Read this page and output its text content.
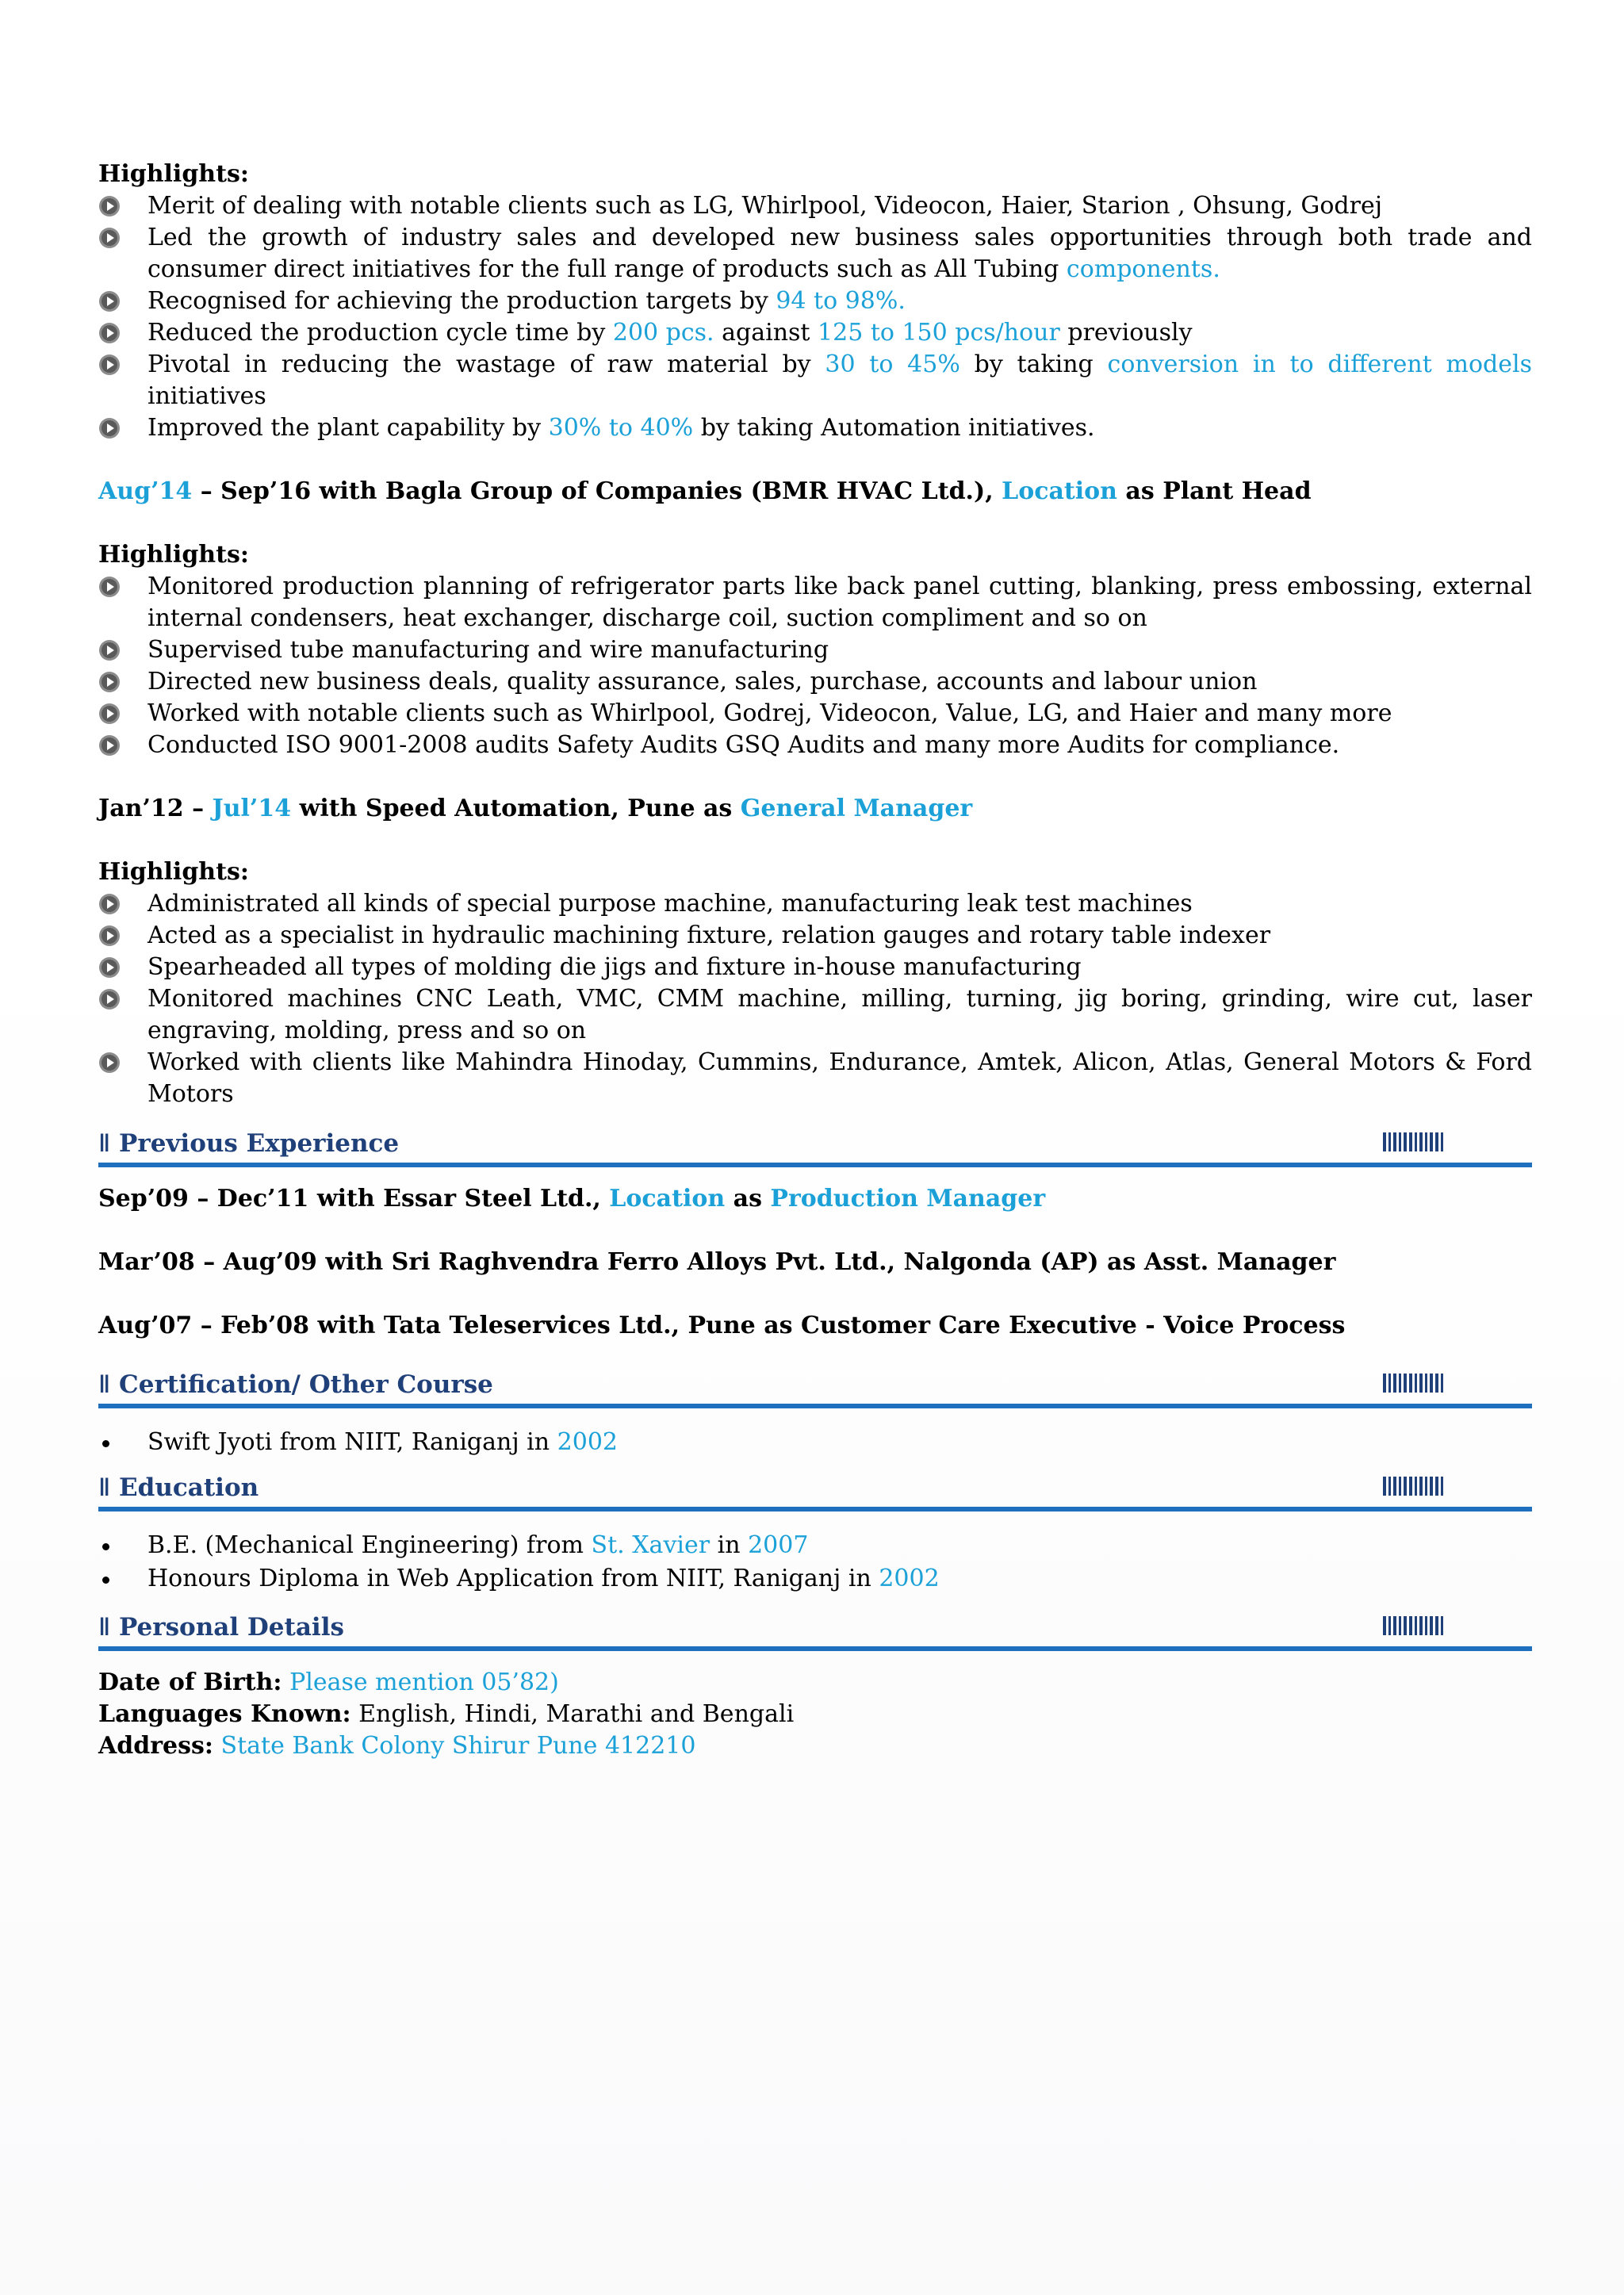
Highlights:

Merit of dealing with notable clients such as LG, Whirlpool, Videocon, Haier, Starion , Ohsung, Godrej
Led the growth of industry sales and developed new business sales opportunities through both trade and consumer direct initiatives for the full range of products such as All Tubing components.
Recognised for achieving the production targets by 94 to 98%.
Reduced the production cycle time by 200 pcs. against 125 to 150 pcs/hour previously
Pivotal in reducing the wastage of raw material by 30 to 45% by taking conversion in to different models initiatives
Improved the plant capability by 30% to 40% by taking Automation initiatives.
Aug’14 – Sep’16 with Bagla Group of Companies (BMR HVAC Ltd.), Location as Plant Head

Highlights:

Monitored production planning of refrigerator parts like back panel cutting, blanking, press embossing, external internal condensers, heat exchanger, discharge coil, suction compliment and so on
Supervised tube manufacturing and wire manufacturing
Directed new business deals, quality assurance, sales, purchase, accounts and labour union
Worked with notable clients such as Whirlpool, Godrej, Videocon, Value, LG, and Haier and many more
Conducted ISO 9001-2008 audits Safety Audits GSQ Audits and many more Audits for compliance.
Jan’12 – Jul’14 with Speed Automation, Pune as General Manager

Highlights:

Administrated all kinds of special purpose machine, manufacturing leak test machines
Acted as a specialist in hydraulic machining fixture, relation gauges and rotary table indexer
Spearheaded all types of molding die jigs and fixture in-house manufacturing
Monitored machines CNC Leath, VMC, CMM machine, milling, turning, jig boring, grinding, wire cut, laser engraving, molding, press and so on
Worked with clients like Mahindra Hinoday, Cummins, Endurance, Amtek, Alicon, Atlas, General Motors & Ford Motors
ǁ Previous Experience
Sep’09 – Dec’11 with Essar Steel Ltd., Location as Production Manager
Mar’08 – Aug’09 with Sri Raghvendra Ferro Alloys Pvt. Ltd., Nalgonda (AP) as Asst. Manager
Aug’07 – Feb’08 with Tata Teleservices Ltd., Pune as Customer Care Executive - Voice Process
ǁ Certification/ Other Course
Swift Jyoti from NIIT, Raniganj in 2002
ǁ Education
B.E. (Mechanical Engineering) from St. Xavier in 2007
Honours Diploma in Web Application from NIIT, Raniganj in 2002
ǁ Personal Details
Date of Birth: Please mention 05’82)
Languages Known: English, Hindi, Marathi and Bengali
Address: State Bank Colony Shirur Pune 412210
